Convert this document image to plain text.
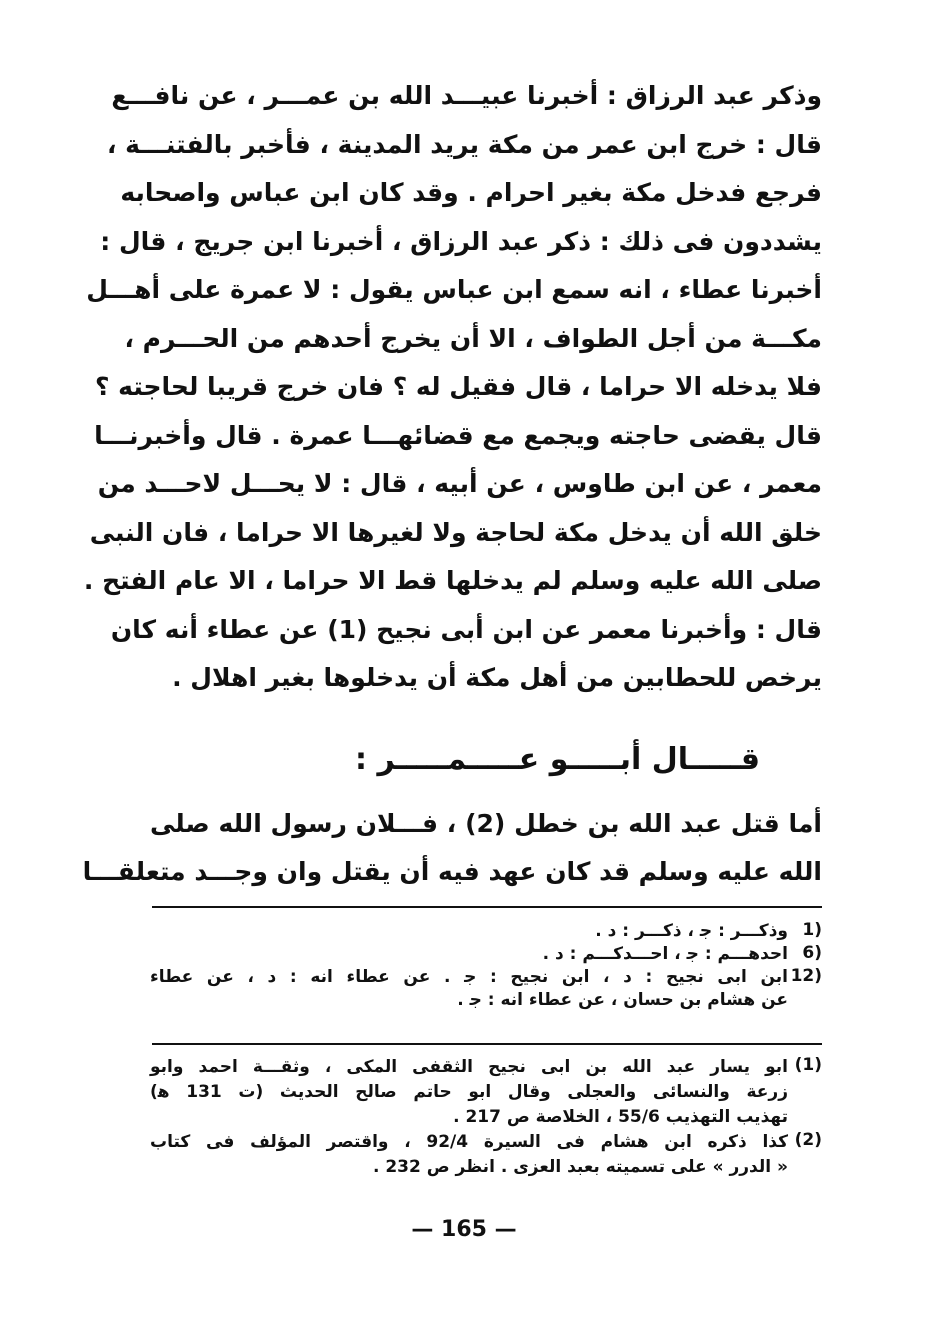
وذكر عبد الرزاق : أخبرنا عبيـــد الله بن عمـــر ، عن نافـــع
قال : خرج ابن عمر من مكة يريد المدينة ، فأخبر بالفتنـــة ،
فرجع فدخل مكة بغير احرام . وقد كان ابن عباس واصحابه
يشددون فى ذلك : ذكر عبد الرزاق ، أخبرنا ابن جريج ، قال :
أخبرنا عطاء ، انه سمع ابن عباس يقول : لا عمرة على أهـــل
مكـــة من أجل الطواف ، الا أن يخرج أحدهم من الحـــرم ،
فلا يدخله الا حراما ، قال فقيل له ؟ فان خرج قريبا لحاجته ؟
قال يقضى حاجته ويجمع مع قضائهـــا عمرة . قال وأخبرنـــا
معمر ، عن ابن طاوس ، عن أبيه ، قال : لا يحـــل لاحـــد من
خلق الله أن يدخل مكة لحاجة ولا لغيرها الا حراما ، فان النبى
صلى الله عليه وسلم لم يدخلها قط الا حراما ، الا عام الفتح .
قال : وأخبرنا معمر عن ابن أبى نجيح (1) عن عطاء أنه كان
يرخص للحطابين من أهل مكة أن يدخلوها بغير اهلال .
قـــــال أبـــــو عـــــمـــــر :
أما قتل عبد الله بن خطل (2) ، فـــلان رسول الله صلى
الله عليه وسلم قد كان عهد فيه أن يقتل وان وجـــد متعلقـــا
1)
وذكـــر : ﺟ ، ذكـــر : د .
6)
احدهـــم : ﺟ ، احـــدكـــم : د .
12)
ابن ابى نجيح : د ، ابن نجيح : ﺟ . عن عطاء انه : د ، عن عطاء
عن هشام بن حسان ، عن عطاء انه : ﺟ .
(1)
ابو يسار عبد الله بن ابى نجيح الثقفى المكى ، وثقـــة احمد وابو
زرعة والنسائى والعجلى وقال ابو حاتم صالح الحديث (ت 131 ﻫ)
تهذيب التهذيب 55/6 ، الخلاصة ص 217 .
(2)
كذا ذكره ابن هشام فى السيرة 92/4 ، واقتصر المؤلف فى كتاب
« الدرر » على تسميته بعبد العزى . انظر ص 232 .
— 165 —
